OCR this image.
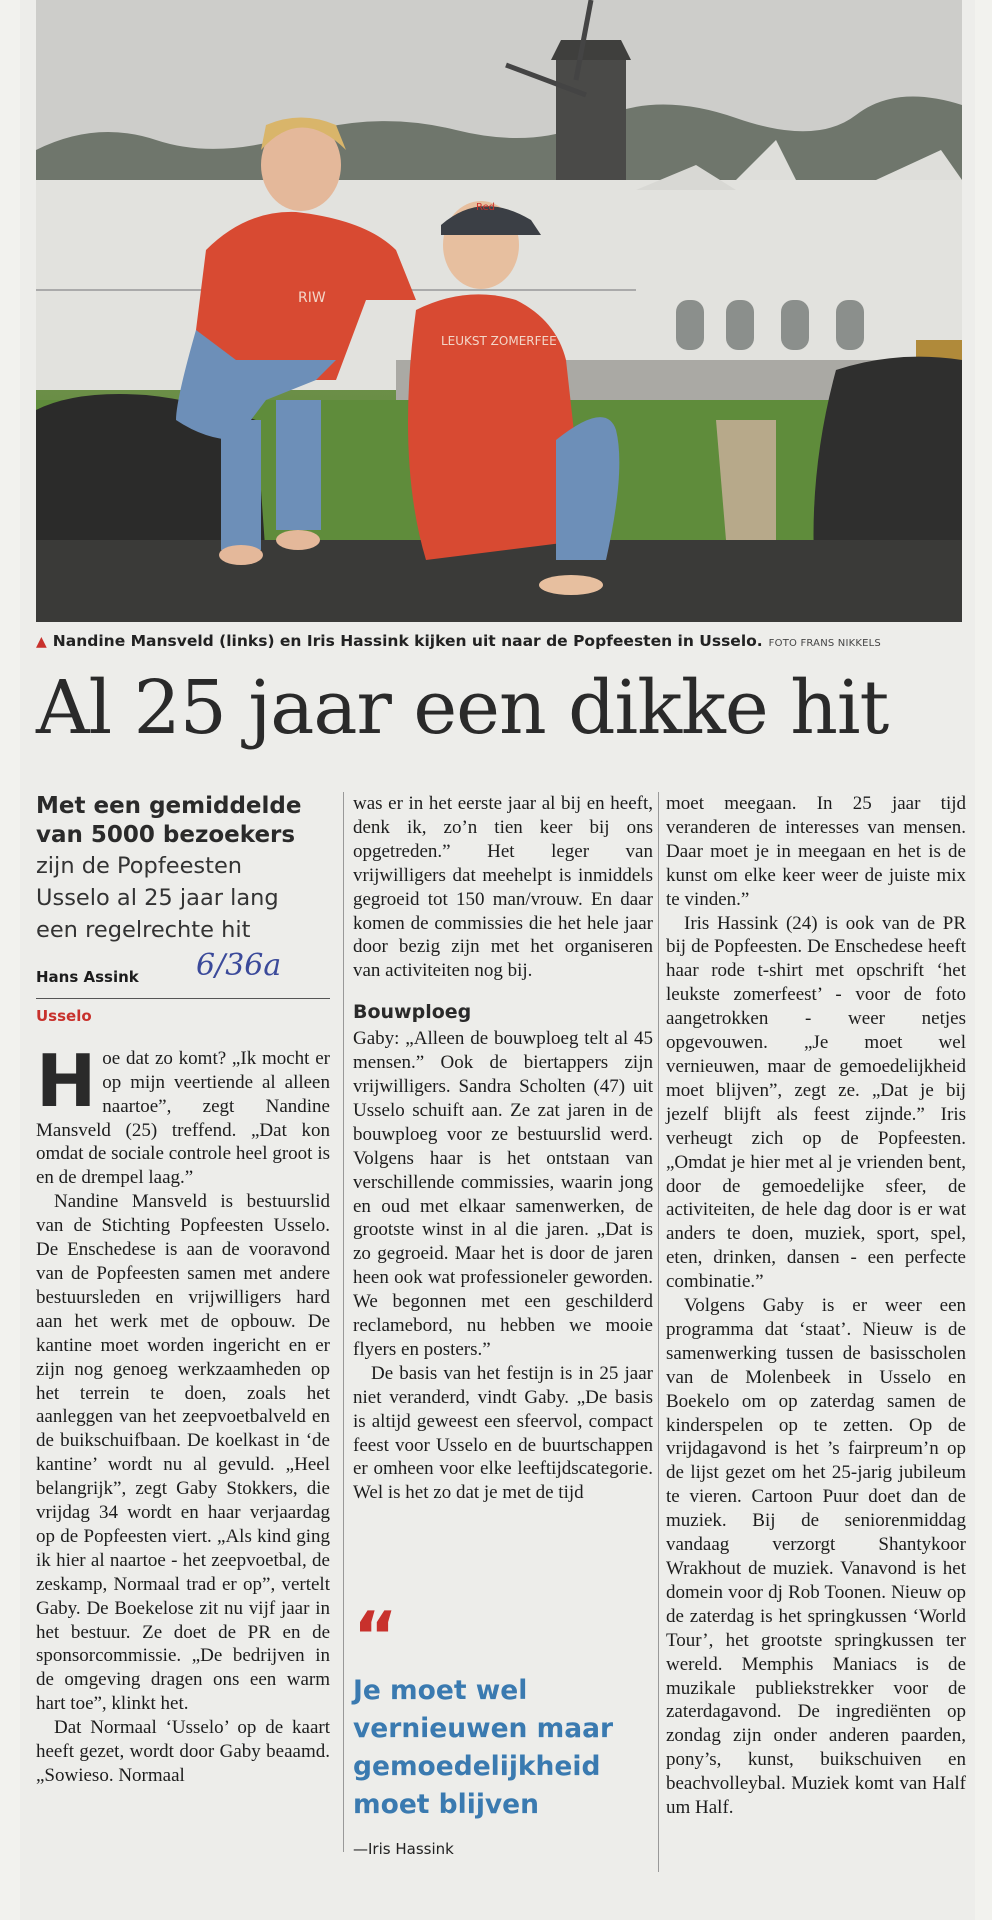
LEUKST ZOMERFEE
RIW
Red
▲ Nandine Mansveld (links) en Iris Hassink kijken uit naar de Popfeesten in Usselo. FOTO FRANS NIKKELS
Al 25 jaar een dikke hit
Met een gemiddelde
van 5000 bezoekers
zijn de Popfeesten
Usselo al 25 jaar lang
een regelrechte hit
Hans Assink 6/36a
Usselo

Hoe dat zo komt? „Ik mocht er op mijn veertiende al alleen naartoe”, zegt Nandine Mansveld (25) treffend. „Dat kon omdat de sociale controle heel groot is en de drempel laag.”

Nandine Mansveld is bestuurslid van de Stichting Popfeesten Usselo. De Enschedese is aan de vooravond van de Popfeesten samen met andere bestuursleden en vrijwilligers hard aan het werk met de opbouw. De kantine moet worden ingericht en er zijn nog genoeg werkzaamheden op het terrein te doen, zoals het aanleggen van het zeepvoetbalveld en de buikschuifbaan. De koelkast in ‘de kantine’ wordt nu al gevuld. „Heel belangrijk”, zegt Gaby Stokkers, die vrijdag 34 wordt en haar verjaardag op de Popfeesten viert. „Als kind ging ik hier al naartoe - het zeepvoetbal, de zeskamp, Normaal trad er op”, vertelt Gaby. De Boekelose zit nu vijf jaar in het bestuur. Ze doet de PR en de sponsorcommissie. „De bedrijven in de omgeving dragen ons een warm hart toe”, klinkt het.

Dat Normaal ‘Usselo’ op de kaart heeft gezet, wordt door Gaby beaamd. „Sowieso. Normaal

was er in het eerste jaar al bij en heeft, denk ik, zo’n tien keer bij ons opgetreden.” Het leger van vrijwilligers dat meehelpt is inmiddels gegroeid tot 150 man/vrouw. En daar komen de commissies die het hele jaar door bezig zijn met het organiseren van activiteiten nog bij.

Bouwploeg

Gaby: „Alleen de bouwploeg telt al 45 mensen.” Ook de biertappers zijn vrijwilligers. Sandra Scholten (47) uit Usselo schuift aan. Ze zat jaren in de bouwploeg voor ze bestuurslid werd. Volgens haar is het ontstaan van verschillende commissies, waarin jong en oud met elkaar samenwerken, de grootste winst in al die jaren. „Dat is zo gegroeid. Maar het is door de jaren heen ook wat professioneler geworden. We begonnen met een geschilderd reclamebord, nu hebben we mooie flyers en posters.”

De basis van het festijn is in 25 jaar niet veranderd, vindt Gaby. „De basis is altijd geweest een sfeervol, compact feest voor Usselo en de buurtschappen er omheen voor elke leeftijdscategorie. Wel is het zo dat je met de tijd

“
Je moet wel vernieuwen maar gemoedelijkheid moet blijven
—Iris Hassink

moet meegaan. In 25 jaar tijd veranderen de interesses van mensen. Daar moet je in meegaan en het is de kunst om elke keer weer de juiste mix te vinden.”

Iris Hassink (24) is ook van de PR bij de Popfeesten. De Enschedese heeft haar rode t-shirt met opschrift ‘het leukste zomerfeest’ - voor de foto aangetrokken - weer netjes opgevouwen. „Je moet wel vernieuwen, maar de gemoedelijkheid moet blijven”, zegt ze. „Dat je bij jezelf blijft als feest zijnde.” Iris verheugt zich op de Popfeesten. „Omdat je hier met al je vrienden bent, door de gemoedelijke sfeer, de activiteiten, de hele dag door is er wat anders te doen, muziek, sport, spel, eten, drinken, dansen - een perfecte combinatie.”

Volgens Gaby is er weer een programma dat ‘staat’. Nieuw is de samenwerking tussen de basisscholen van de Molenbeek in Usselo en Boekelo om op zaterdag samen de kinderspelen op te zetten. Op de vrijdagavond is het ’s fairpreum’n op de lijst gezet om het 25-jarig jubileum te vieren. Cartoon Puur doet dan de muziek. Bij de seniorenmiddag vandaag verzorgt Shantykoor Wrakhout de muziek. Vanavond is het domein voor dj Rob Toonen. Nieuw op de zaterdag is het springkussen ‘World Tour’, het grootste springkussen ter wereld. Memphis Maniacs is de muzikale publiekstrekker voor de zaterdagavond. De ingrediënten op zondag zijn onder anderen paarden, pony’s, kunst, buikschuiven en beachvolleybal. Muziek komt van Half um Half.
